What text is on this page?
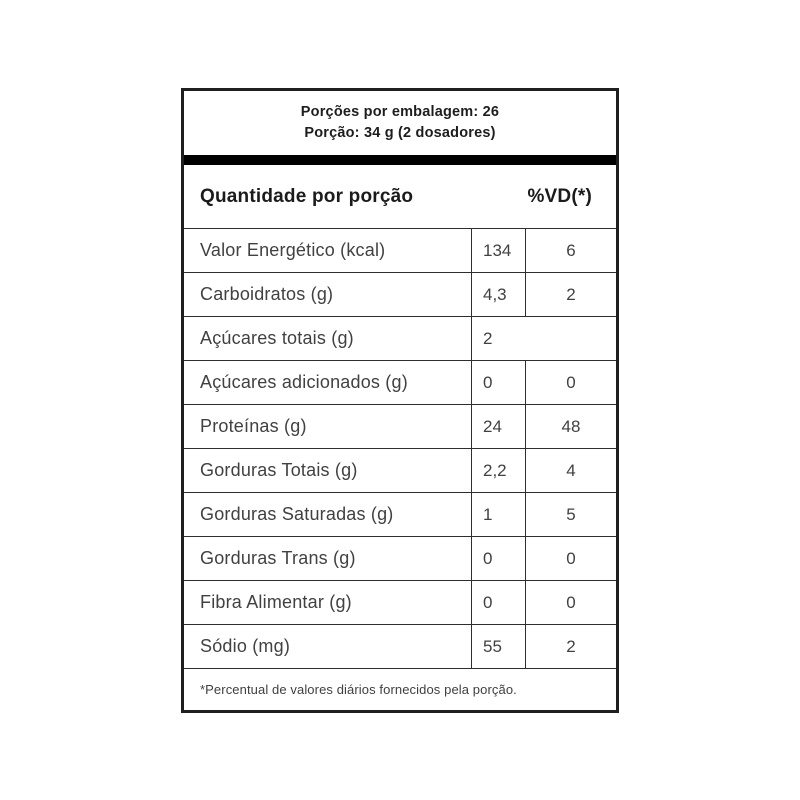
Porções por embalagem: 26
Porção: 34 g (2 dosadores)
Quantidade por porção	%VD(*)
Valor Energético (kcal)	134	6
Carboidratos (g)	4,3	2
Açúcares totais (g)	2
Açúcares adicionados (g)	0	0
Proteínas (g)	24	48
Gorduras Totais (g)	2,2	4
Gorduras Saturadas (g)	1	5
Gorduras Trans (g)	0	0
Fibra Alimentar (g)	0	0
Sódio (mg)	55	2
*Percentual de valores diários fornecidos pela porção.
